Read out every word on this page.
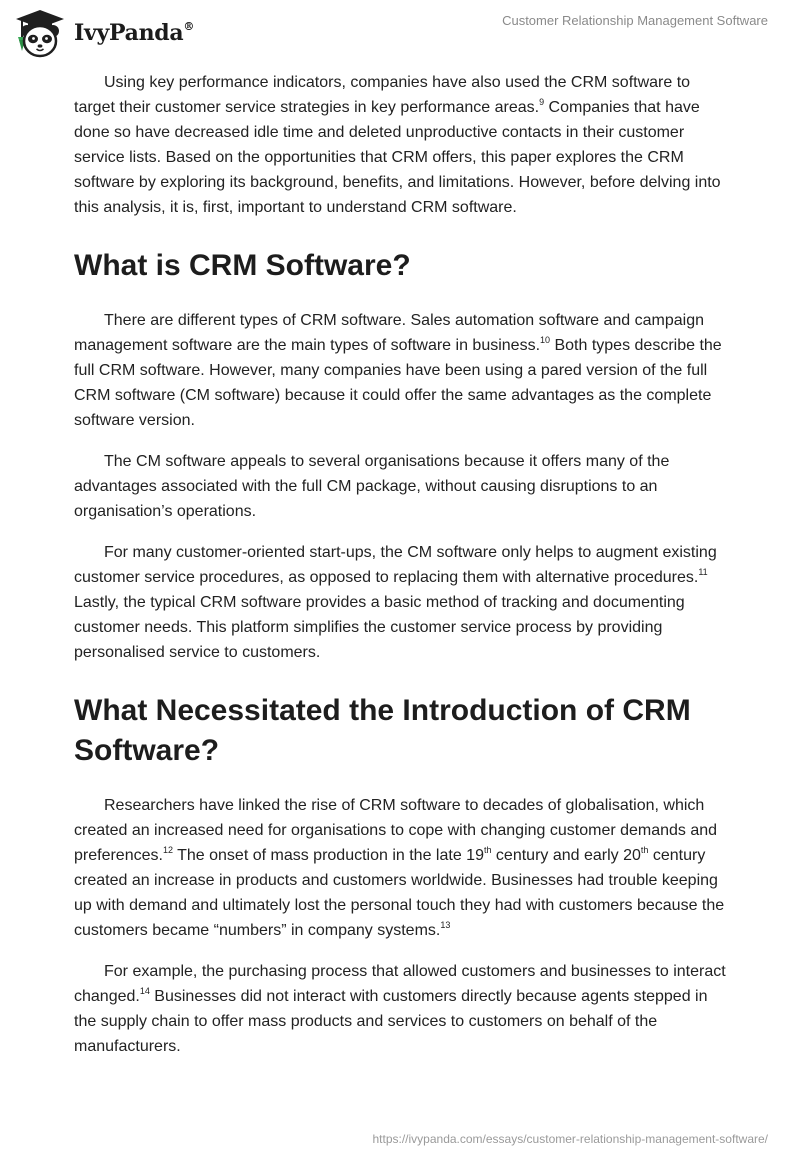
IvyPanda®	Customer Relationship Management Software

Using key performance indicators, companies have also used the CRM software to target their customer service strategies in key performance areas.$^9$ Companies that have done so have decreased idle time and deleted unproductive contacts in their customer service lists. Based on the opportunities that CRM offers, this paper explores the CRM software by exploring its background, benefits, and limitations. However, before delving into this analysis, it is, first, important to understand CRM software.

What is CRM Software?

There are different types of CRM software. Sales automation software and campaign management software are the main types of software in business.$^{10}$ Both types describe the full CRM software. However, many companies have been using a pared version of the full CRM software (CM software) because it could offer the same advantages as the complete software version.

The CM software appeals to several organisations because it offers many of the advantages associated with the full CM package, without causing disruptions to an organisation’s operations.

For many customer-oriented start-ups, the CM software only helps to augment existing customer service procedures, as opposed to replacing them with alternative procedures.$^{11}$ Lastly, the typical CRM software provides a basic method of tracking and documenting customer needs. This platform simplifies the customer service process by providing personalised service to customers.

What Necessitated the Introduction of CRM Software?

Researchers have linked the rise of CRM software to decades of globalisation, which created an increased need for organisations to cope with changing customer demands and preferences.$^{12}$ The onset of mass production in the late 19th century and early 20th century created an increase in products and customers worldwide. Businesses had trouble keeping up with demand and ultimately lost the personal touch they had with customers because the customers became “numbers” in company systems.$^{13}$

For example, the purchasing process that allowed customers and businesses to interact changed.$^{14}$ Businesses did not interact with customers directly because agents stepped in the supply chain to offer mass products and services to customers on behalf of the manufacturers.

https://ivypanda.com/essays/customer-relationship-management-software/
